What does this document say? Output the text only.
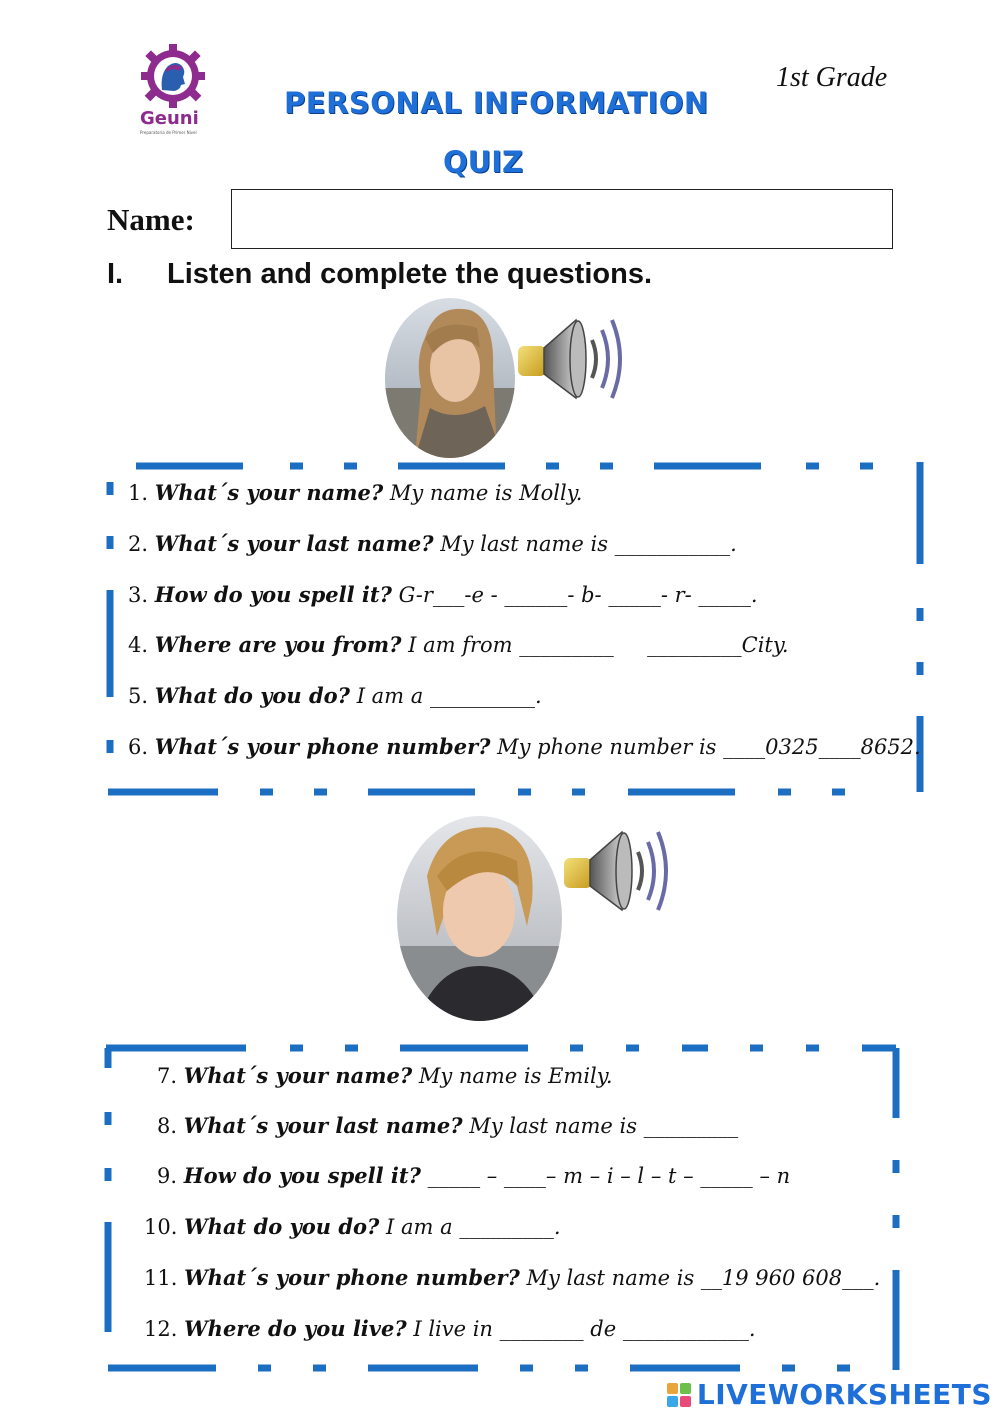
Geuni
Preparatoria de Primer Nivel
PERSONAL INFORMATION
QUIZ
1st Grade
Name:
I. Listen and complete the questions.
1. What´s your name? My name is Molly.
2. What´s your last name? My last name is ___________.
3. How do you spell it? G-r___-e - ______- b- _____- r- _____.
4. Where are you from? I am from _________     _________City.
5. What do you do? I am a __________.
6. What´s your phone number? My phone number is ____0325____8652.
7. What´s your name? My name is Emily.
8. What´s your last name? My last name is _________
9. How do you spell it? _____ – ____– m – i – l – t – _____ – n
10. What do you do? I am a _________.
11. What´s your phone number? My last name is __19 960 608___.
12. Where do you live? I live in ________ de ____________.
LIVEWORKSHEETS
